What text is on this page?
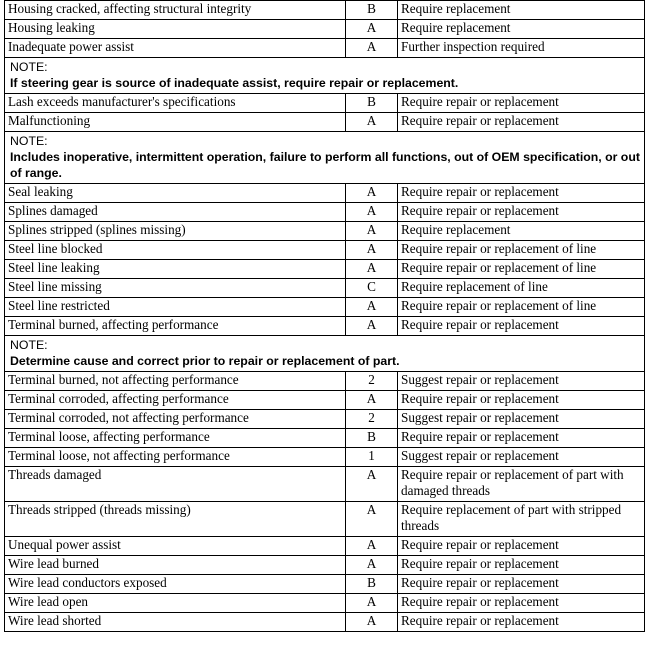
Housing cracked, affecting structural integrity	B	Require replacement
Housing leaking	A	Require replacement
Inadequate power assist	A	Further inspection required

NOTE:
If steering gear is source of inadequate assist, require repair or replacement.		

Lash exceeds manufacturer's specifications	B	Require repair or replacement
Malfunctioning	A	Require repair or replacement

NOTE:
Includes inoperative, intermittent operation, failure to perform all functions, out of OEM specification, or out of range.		

Seal leaking	A	Require repair or replacement
Splines damaged	A	Require repair or replacement
Splines stripped (splines missing)	A	Require replacement
Steel line blocked	A	Require repair or replacement of line
Steel line leaking	A	Require repair or replacement of line
Steel line missing	C	Require replacement of line
Steel line restricted	A	Require repair or replacement of line
Terminal burned, affecting performance	A	Require repair or replacement

NOTE:
Determine cause and correct prior to repair or replacement of part.		

Terminal burned, not affecting performance	2	Suggest repair or replacement
Terminal corroded, affecting performance	A	Require repair or replacement
Terminal corroded, not affecting performance	2	Suggest repair or replacement
Terminal loose, affecting performance	B	Require repair or replacement
Terminal loose, not affecting performance	1	Suggest repair or replacement
Threads damaged	A	Require repair or replacement of part with damaged threads
Threads stripped (threads missing)	A	Require replacement of part with stripped threads
Unequal power assist	A	Require repair or replacement
Wire lead burned	A	Require repair or replacement
Wire lead conductors exposed	B	Require repair or replacement
Wire lead open	A	Require repair or replacement
Wire lead shorted	A	Require repair or replacement
